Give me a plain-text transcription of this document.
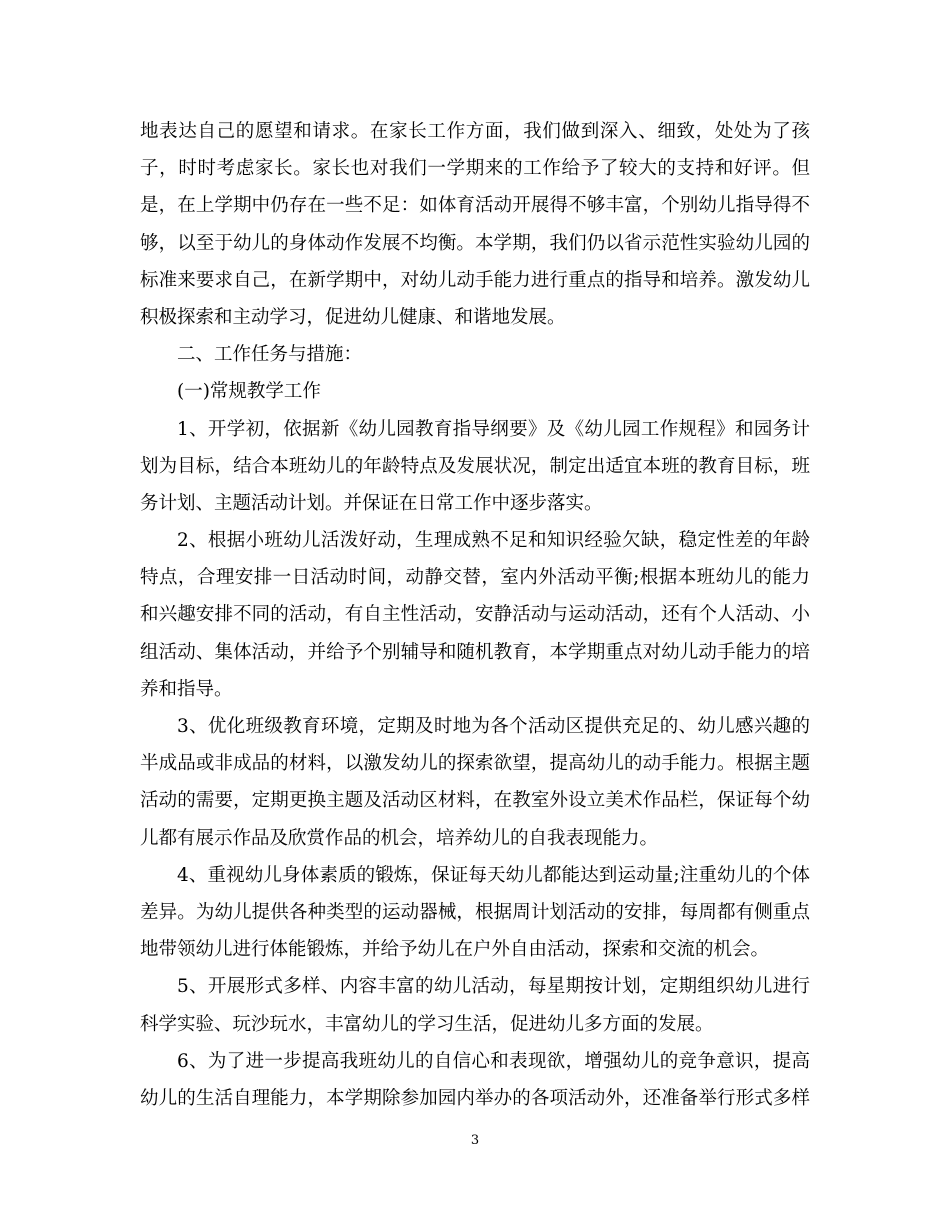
地表达自己的愿望和请求。在家长工作方面，我们做到深入、细致，处处为了孩
子，时时考虑家长。家长也对我们一学期来的工作给予了较大的支持和好评。但
是，在上学期中仍存在一些不足：如体育活动开展得不够丰富，个别幼儿指导得不
够，以至于幼儿的身体动作发展不均衡。本学期，我们仍以省示范性实验幼儿园的
标准来要求自己，在新学期中，对幼儿动手能力进行重点的指导和培养。激发幼儿
积极探索和主动学习，促进幼儿健康、和谐地发展。
二、工作任务与措施：
(一)常规教学工作
1、开学初，依据新《幼儿园教育指导纲要》及《幼儿园工作规程》和园务计
划为目标，结合本班幼儿的年龄特点及发展状况，制定出适宜本班的教育目标，班
务计划、主题活动计划。并保证在日常工作中逐步落实。
2、根据小班幼儿活泼好动，生理成熟不足和知识经验欠缺，稳定性差的年龄
特点，合理安排一日活动时间，动静交替，室内外活动平衡;根据本班幼儿的能力
和兴趣安排不同的活动，有自主性活动，安静活动与运动活动，还有个人活动、小
组活动、集体活动，并给予个别辅导和随机教育，本学期重点对幼儿动手能力的培
养和指导。
3、优化班级教育环境，定期及时地为各个活动区提供充足的、幼儿感兴趣的
半成品或非成品的材料，以激发幼儿的探索欲望，提高幼儿的动手能力。根据主题
活动的需要，定期更换主题及活动区材料，在教室外设立美术作品栏，保证每个幼
儿都有展示作品及欣赏作品的机会，培养幼儿的自我表现能力。
4、重视幼儿身体素质的锻炼，保证每天幼儿都能达到运动量;注重幼儿的个体
差异。为幼儿提供各种类型的运动器械，根据周计划活动的安排，每周都有侧重点
地带领幼儿进行体能锻炼，并给予幼儿在户外自由活动，探索和交流的机会。
5、开展形式多样、内容丰富的幼儿活动，每星期按计划，定期组织幼儿进行
科学实验、玩沙玩水，丰富幼儿的学习生活，促进幼儿多方面的发展。
6、为了进一步提高我班幼儿的自信心和表现欲，增强幼儿的竞争意识，提高
幼儿的生活自理能力，本学期除参加园内举办的各项活动外，还准备举行形式多样
3
